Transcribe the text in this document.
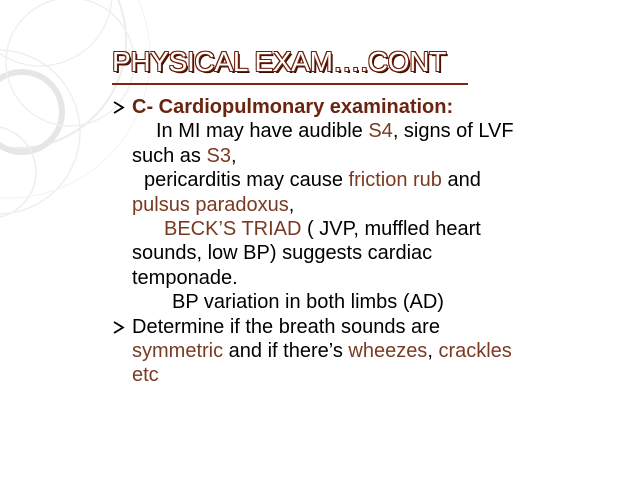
PHYSICAL EXAM….CONT
C- Cardiopulmonary examination:
In MI may have audible S4, signs of LVF
such as S3,
pericarditis may cause friction rub and
pulsus paradoxus,
BECK’S TRIAD ( JVP, muffled heart
sounds, low BP) suggests cardiac
temponade.
BP variation in both limbs (AD)
Determine if the breath sounds are
symmetric and if there’s wheezes, crackles
etc
